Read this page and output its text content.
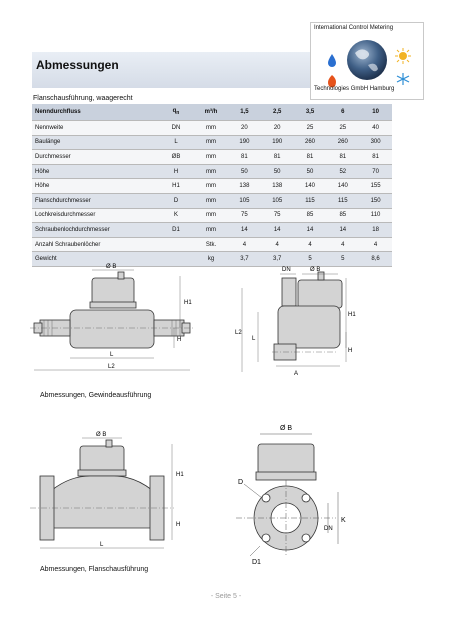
Abmessungen
International Control Metering
Technologies GmbH Hamburg
Flanschausführung, waagerecht
Nenndurchfluss	$q_n$	m³/h	1,5	2,5	3,5	6	10
Nennweite	DN	mm	20	20	25	25	40
Baulänge	L	mm	190	190	260	260	300
Durchmesser	ØB	mm	81	81	81	81	81
Höhe	H	mm	50	50	50	52	70
Höhe	H1	mm	138	138	140	140	155
Flanschdurchmesser	D	mm	105	105	115	115	150
Lochkreisdurchmesser	K	mm	75	75	85	85	110
Schraubenlochdurchmesser	D1	mm	14	14	14	14	18
Anzahl Schraubenlöcher		Stk.	4	4	4	4	4
Gewicht		kg	3,7	3,7	5	5	8,6
Ø B
H1
H
L
L2
DN	Ø B
L2
L
H1
H
A
Abmessungen, Gewindeausführung
Ø B
H1
H
L
Ø B
D
DN
K
D1
Abmessungen, Flanschausführung
- Seite 5 -
